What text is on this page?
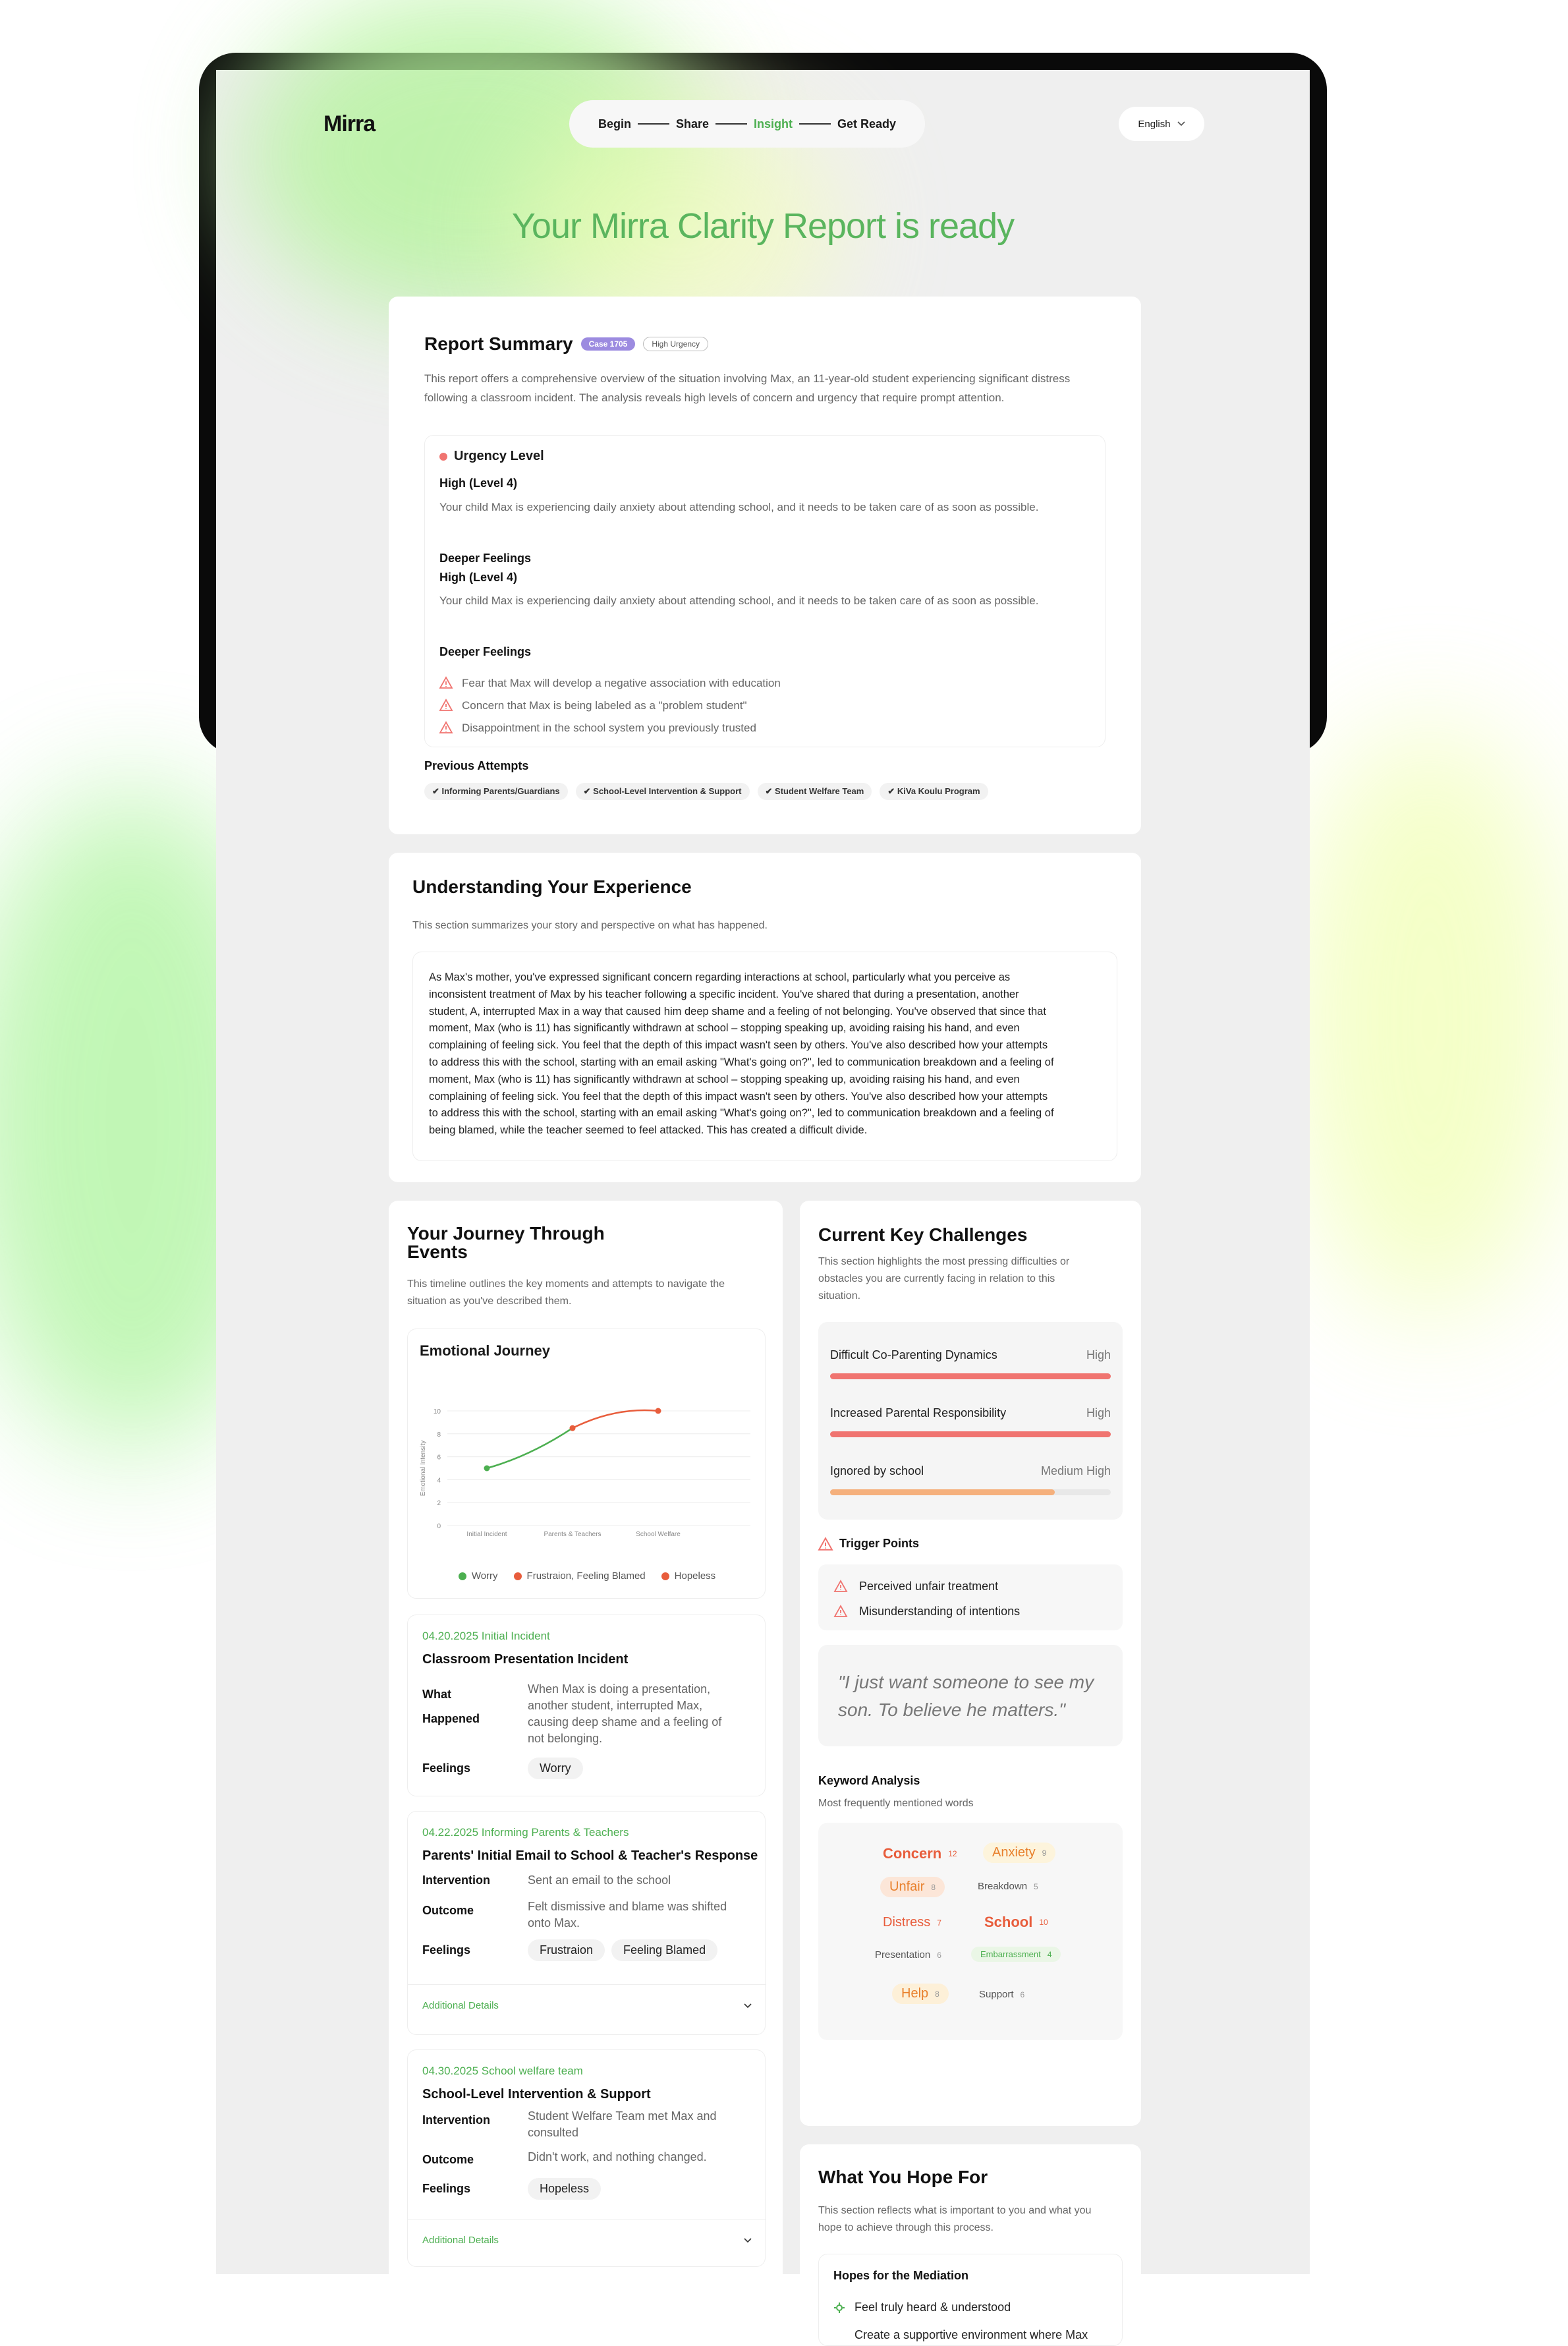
Mirra	Begin	Share	Insight	Get Ready	English
Your Mirra Clarity Report is ready
Report Summary	Case 1705	High Urgency
This report offers a comprehensive overview of the situation involving Max, an 11-year-old student experiencing significant distress following a classroom incident. The analysis reveals high levels of concern and urgency that require prompt attention.
Urgency Level
High (Level 4)
Your child Max is experiencing daily anxiety about attending school, and it needs to be taken care of as soon as possible.
Deeper Feelings
High (Level 4)
Your child Max is experiencing daily anxiety about attending school, and it needs to be taken care of as soon as possible.
Deeper Feelings
Fear that Max will develop a negative association with education
Concern that Max is being labeled as a "problem student"
Disappointment in the school system you previously trusted
Previous Attempts
✔ Informing Parents/Guardians	✔ School-Level Intervention & Support	✔ Student Welfare Team	✔ KiVa Koulu Program
Understanding Your Experience
This section summarizes your story and perspective on what has happened.
As Max's mother, you've expressed significant concern regarding interactions at school, particularly what you perceive as
inconsistent treatment of Max by his teacher following a specific incident. You've shared that during a presentation, another
student, A, interrupted Max in a way that caused him deep shame and a feeling of not belonging. You've observed that since that
moment, Max (who is 11) has significantly withdrawn at school – stopping speaking up, avoiding raising his hand, and even
complaining of feeling sick. You feel that the depth of this impact wasn't seen by others. You've also described how your attempts
to address this with the school, starting with an email asking "What's going on?", led to communication breakdown and a feeling of
moment, Max (who is 11) has significantly withdrawn at school – stopping speaking up, avoiding raising his hand, and even
complaining of feeling sick. You feel that the depth of this impact wasn't seen by others. You've also described how your attempts
to address this with the school, starting with an email asking "What's going on?", led to communication breakdown and a feeling of
being blamed, while the teacher seemed to feel attacked. This has created a difficult divide.
Your Journey Through
Events
This timeline outlines the key moments and attempts to navigate the
situation as you've described them.
Emotional Journey
0
2
4
6
8
10
Emotional Intensity
Initial Incident	Parents & Teachers	School Welfare
Worry	Frustraion, Feeling Blamed	Hopeless
04.20.2025 Initial Incident
Classroom Presentation Incident
What
Happened
When Max is doing a presentation,
another student, interrupted Max,
causing deep shame and a feeling of
not belonging.
Feelings	Worry
04.22.2025 Informing Parents & Teachers
Parents' Initial Email to School & Teacher's Response
Intervention	Sent an email to the school
Outcome	Felt dismissive and blame was shifted
onto Max.
Feelings	Frustraion	Feeling Blamed
Additional Details
04.30.2025 School welfare team
School-Level Intervention & Support
Intervention	Student Welfare Team met Max and
consulted
Outcome	Didn't work, and nothing changed.
Feelings	Hopeless
Additional Details
Current Key Challenges
This section highlights the most pressing difficulties or
obstacles you are currently facing in relation to this
situation.
Difficult Co-Parenting Dynamics	High
Increased Parental Responsibility	High
Ignored by school	Medium High
Trigger Points
Perceived unfair treatment
Misunderstanding of intentions
"I just want someone to see my
son. To believe he matters."
Keyword Analysis
Most frequently mentioned words
Concern 12	Anxiety 9
Unfair 8	Breakdown 5
Distress 7	School 10
Presentation 6	Embarrassment 4
Help 8	Support 6
What You Hope For
This section reflects what is important to you and what you
hope to achieve through this process.
Hopes for the Mediation
Feel truly heard & understood
Create a supportive environment where Max
